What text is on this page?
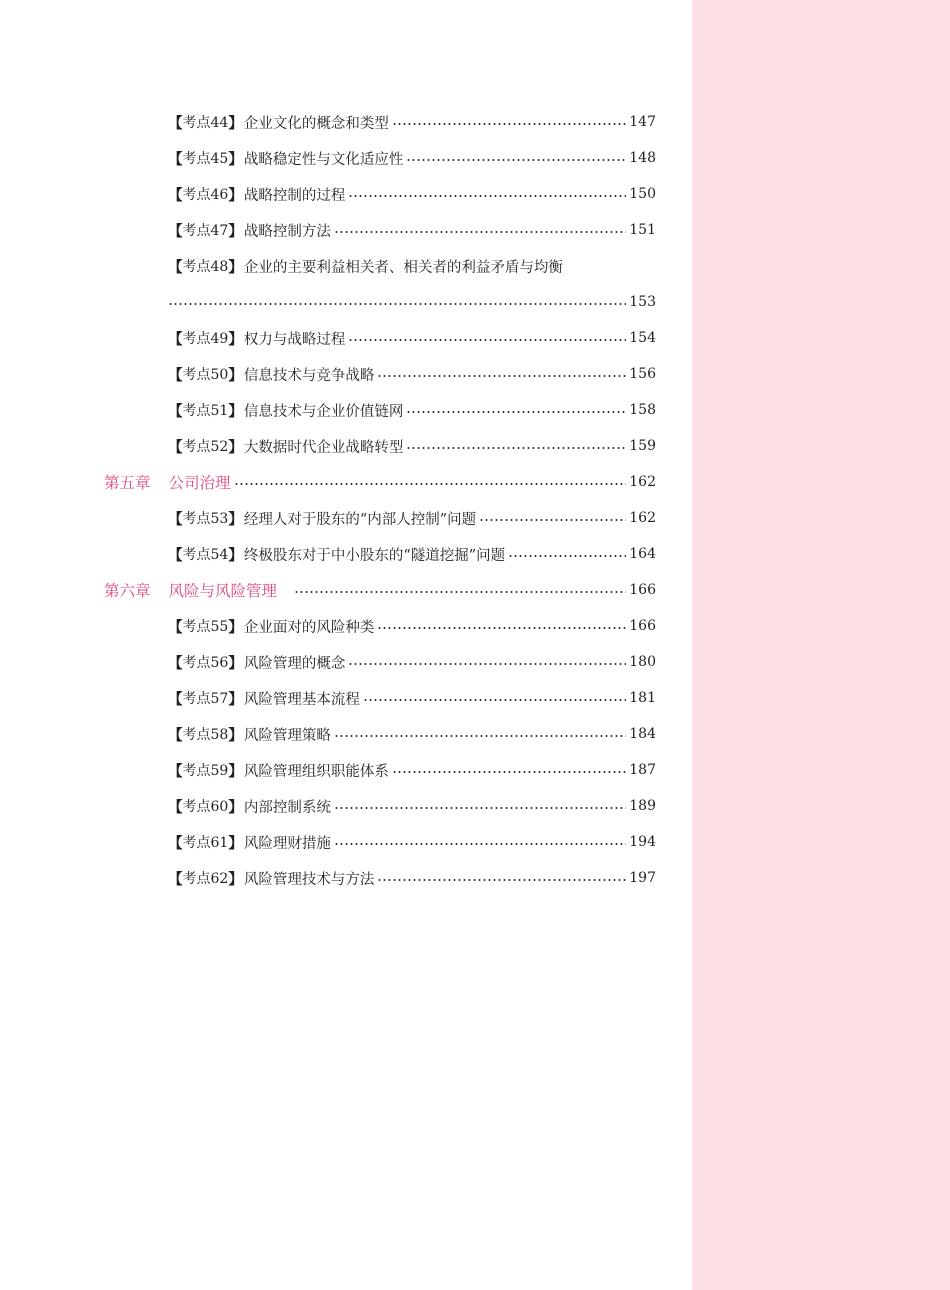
【 考点44 】 企业文化的概念和类型	147
【 考点45 】 战略稳定性与文化适应性	148
【 考点46 】 战略控制的过程	150
【 考点47 】 战略控制方法	151
【 考点48 】 企业的主要利益相关者、相关者的利益矛盾与均衡
153
【 考点49 】 权力与战略过程	154
【 考点50 】 信息技术与竞争战略	156
【 考点51 】 信息技术与企业价值链网	158
【 考点52 】 大数据时代企业战略转型	159
第五章 公司治理	162
【 考点53 】 经理人对于股东的“内部人控制”问题	162
【 考点54 】 终极股东对于中小股东的“隧道挖掘”问题	164
第六章 风险与风险管理	166
【 考点55 】 企业面对的风险种类	166
【 考点56 】 风险管理的概念	180
【 考点57 】 风险管理基本流程	181
【 考点58 】 风险管理策略	184
【 考点59 】 风险管理组织职能体系	187
【 考点60 】 内部控制系统	189
【 考点61 】 风险理财措施	194
【 考点62 】 风险管理技术与方法	197
